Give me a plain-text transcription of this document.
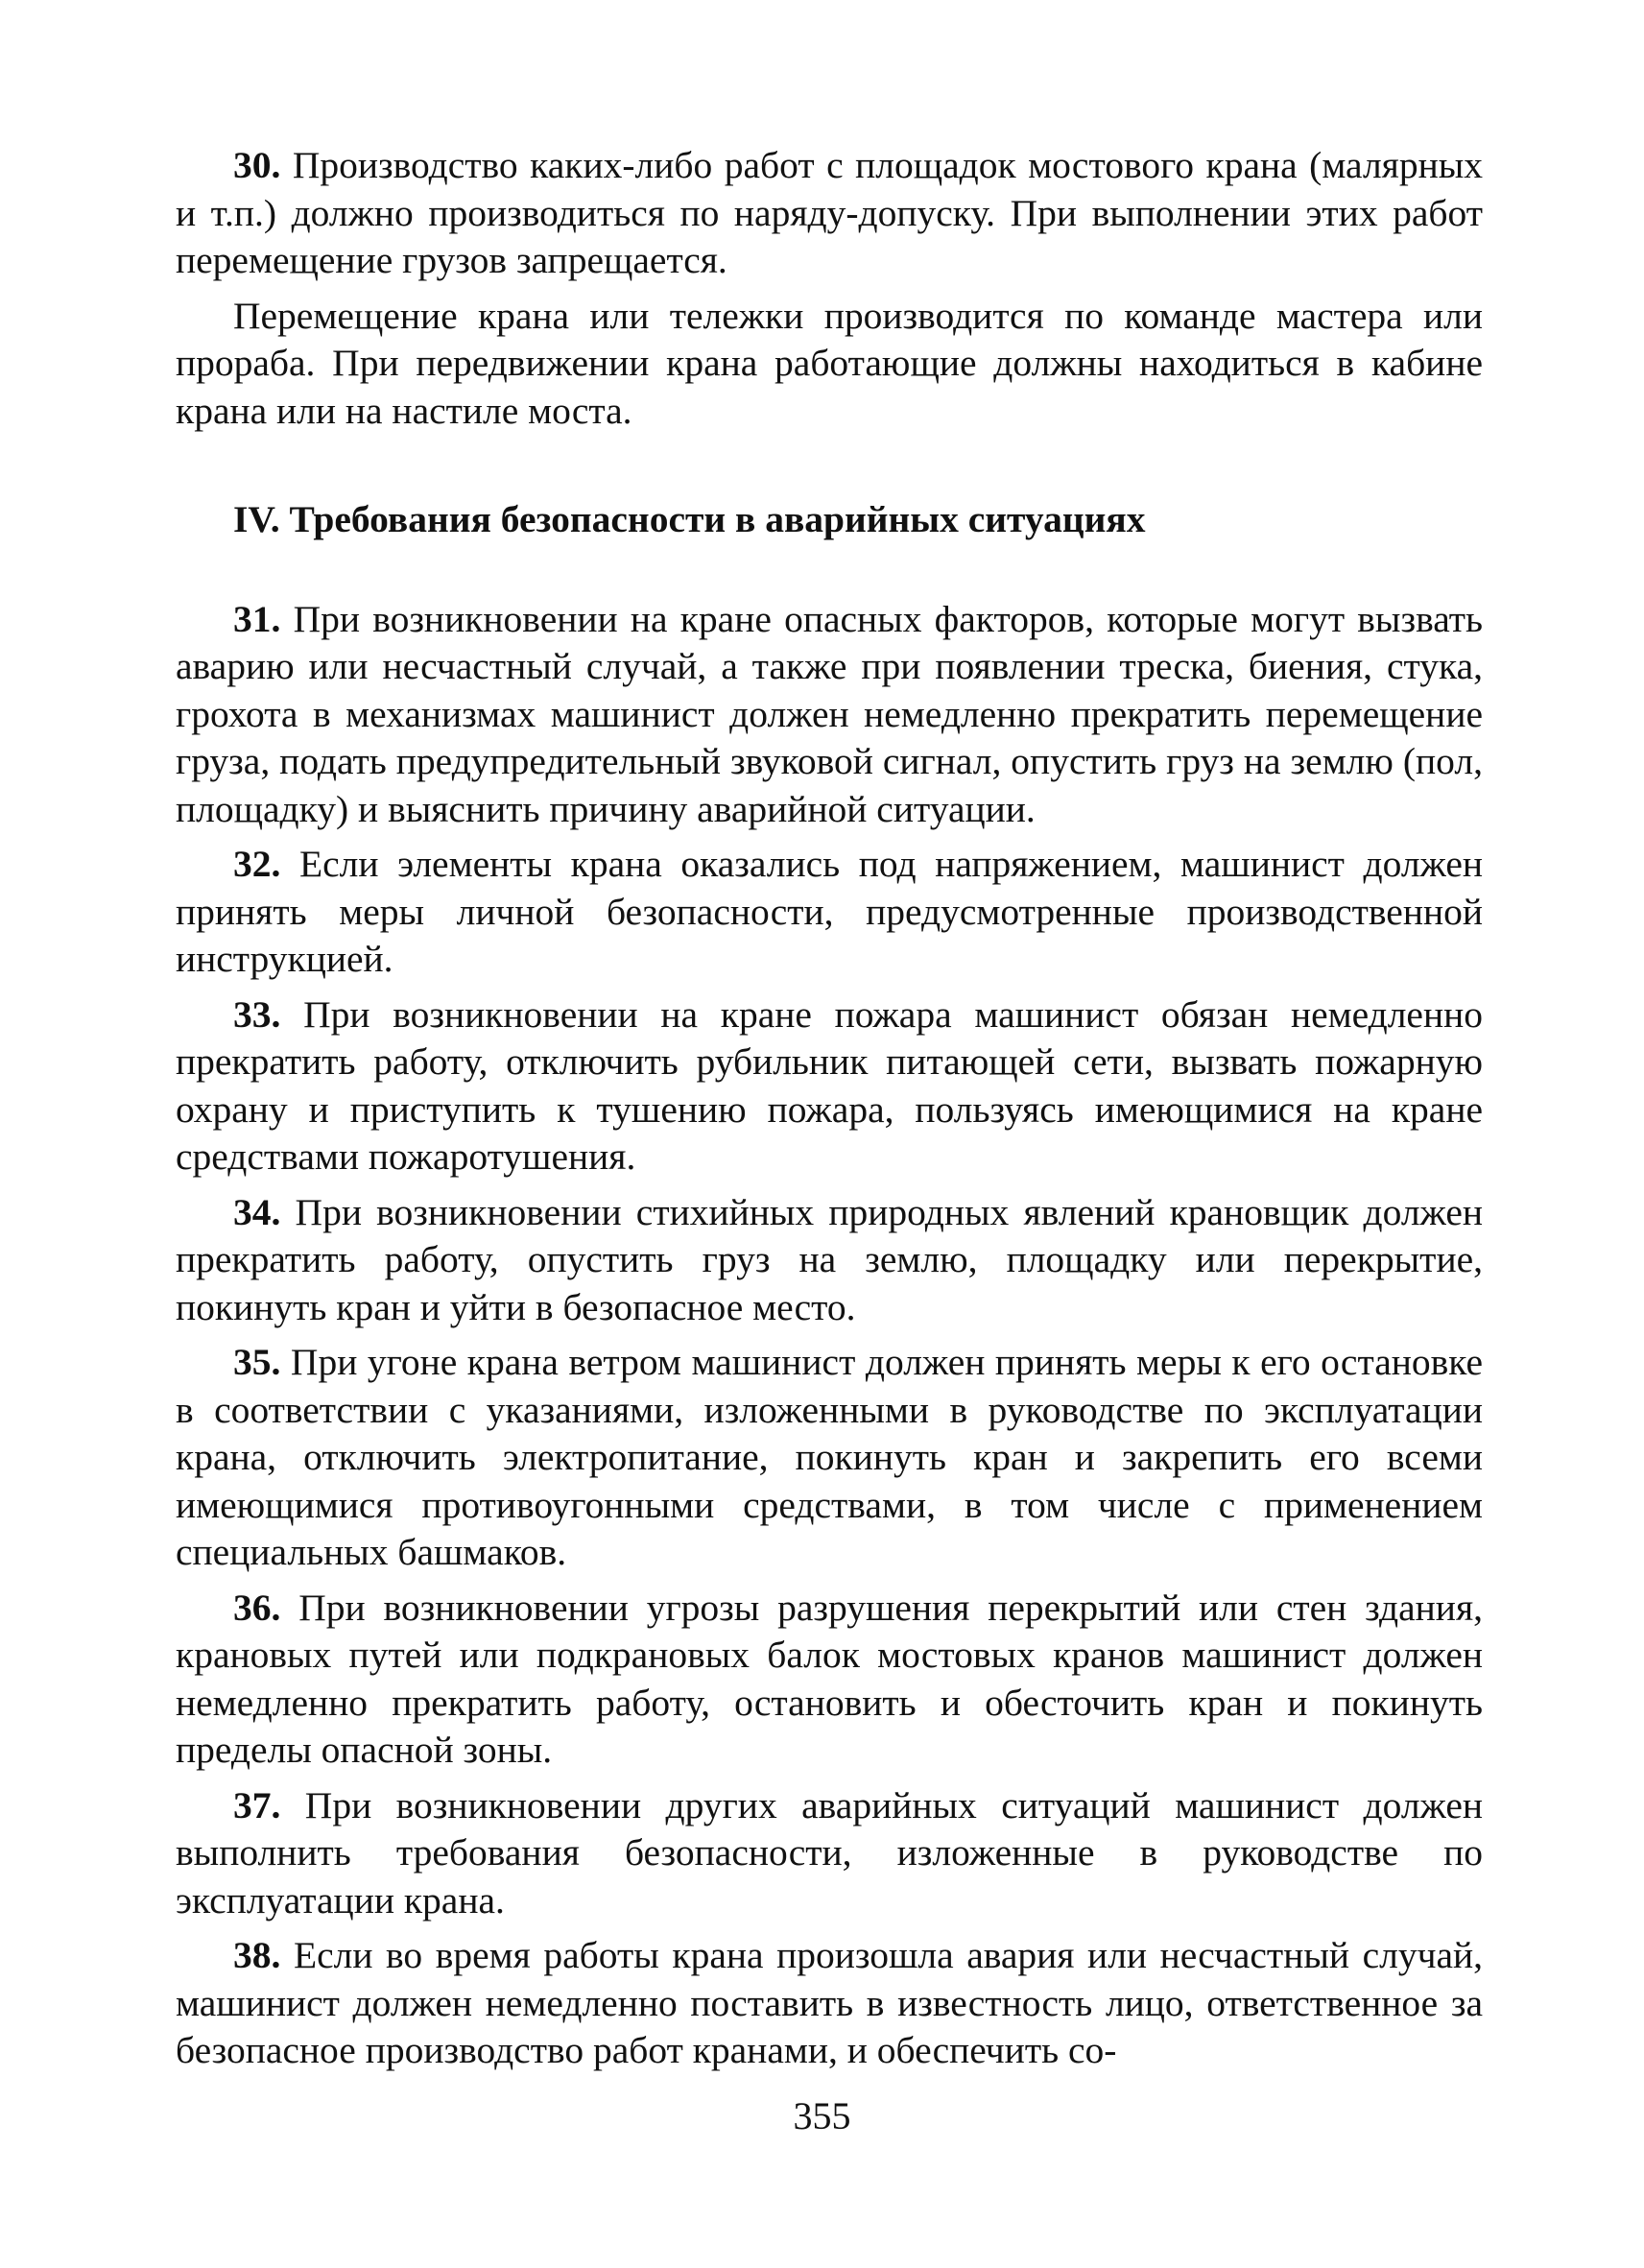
30. Производство каких-либо работ с площадок мостового крана (малярных и т.п.) должно производиться по наряду-допуску. При выполнении этих работ перемещение грузов запрещается.

Перемещение крана или тележки производится по команде мастера или прораба. При передвижении крана работающие должны находиться в кабине крана или на настиле моста.

IV. Требования безопасности в аварийных ситуациях

31. При возникновении на кране опасных факторов, которые могут вызвать аварию или несчастный случай, а также при появлении треска, биения, стука, грохота в механизмах машинист должен немедленно прекратить перемещение груза, подать предупредительный звуковой сигнал, опустить груз на землю (пол, площадку) и выяснить причину аварийной ситуации.

32. Если элементы крана оказались под напряжением, машинист должен принять меры личной безопасности, предусмотренные производственной инструкцией.

33. При возникновении на кране пожара машинист обязан немедленно прекратить работу, отключить рубильник питающей сети, вызвать пожарную охрану и приступить к тушению пожара, пользуясь имеющимися на кране средствами пожаротушения.

34. При возникновении стихийных природных явлений крановщик должен прекратить работу, опустить груз на землю, площадку или перекрытие, покинуть кран и уйти в безопасное место.

35. При угоне крана ветром машинист должен принять меры к его остановке в соответствии с указаниями, изложенными в руководстве по эксплуатации крана, отключить электропитание, покинуть кран и закрепить его всеми имеющимися противоугонными средствами, в том числе с применением специальных башмаков.

36. При возникновении угрозы разрушения перекрытий или стен здания, крановых путей или подкрановых балок мостовых кранов машинист должен немедленно прекратить работу, остановить и обесточить кран и покинуть пределы опасной зоны.

37. При возникновении других аварийных ситуаций машинист должен выполнить требования безопасности, изложенные в руководстве по эксплуатации крана.

38. Если во время работы крана произошла авария или несчастный случай, машинист должен немедленно поставить в известность лицо, ответственное за безопасное производство работ кранами, и обеспечить со-

355
